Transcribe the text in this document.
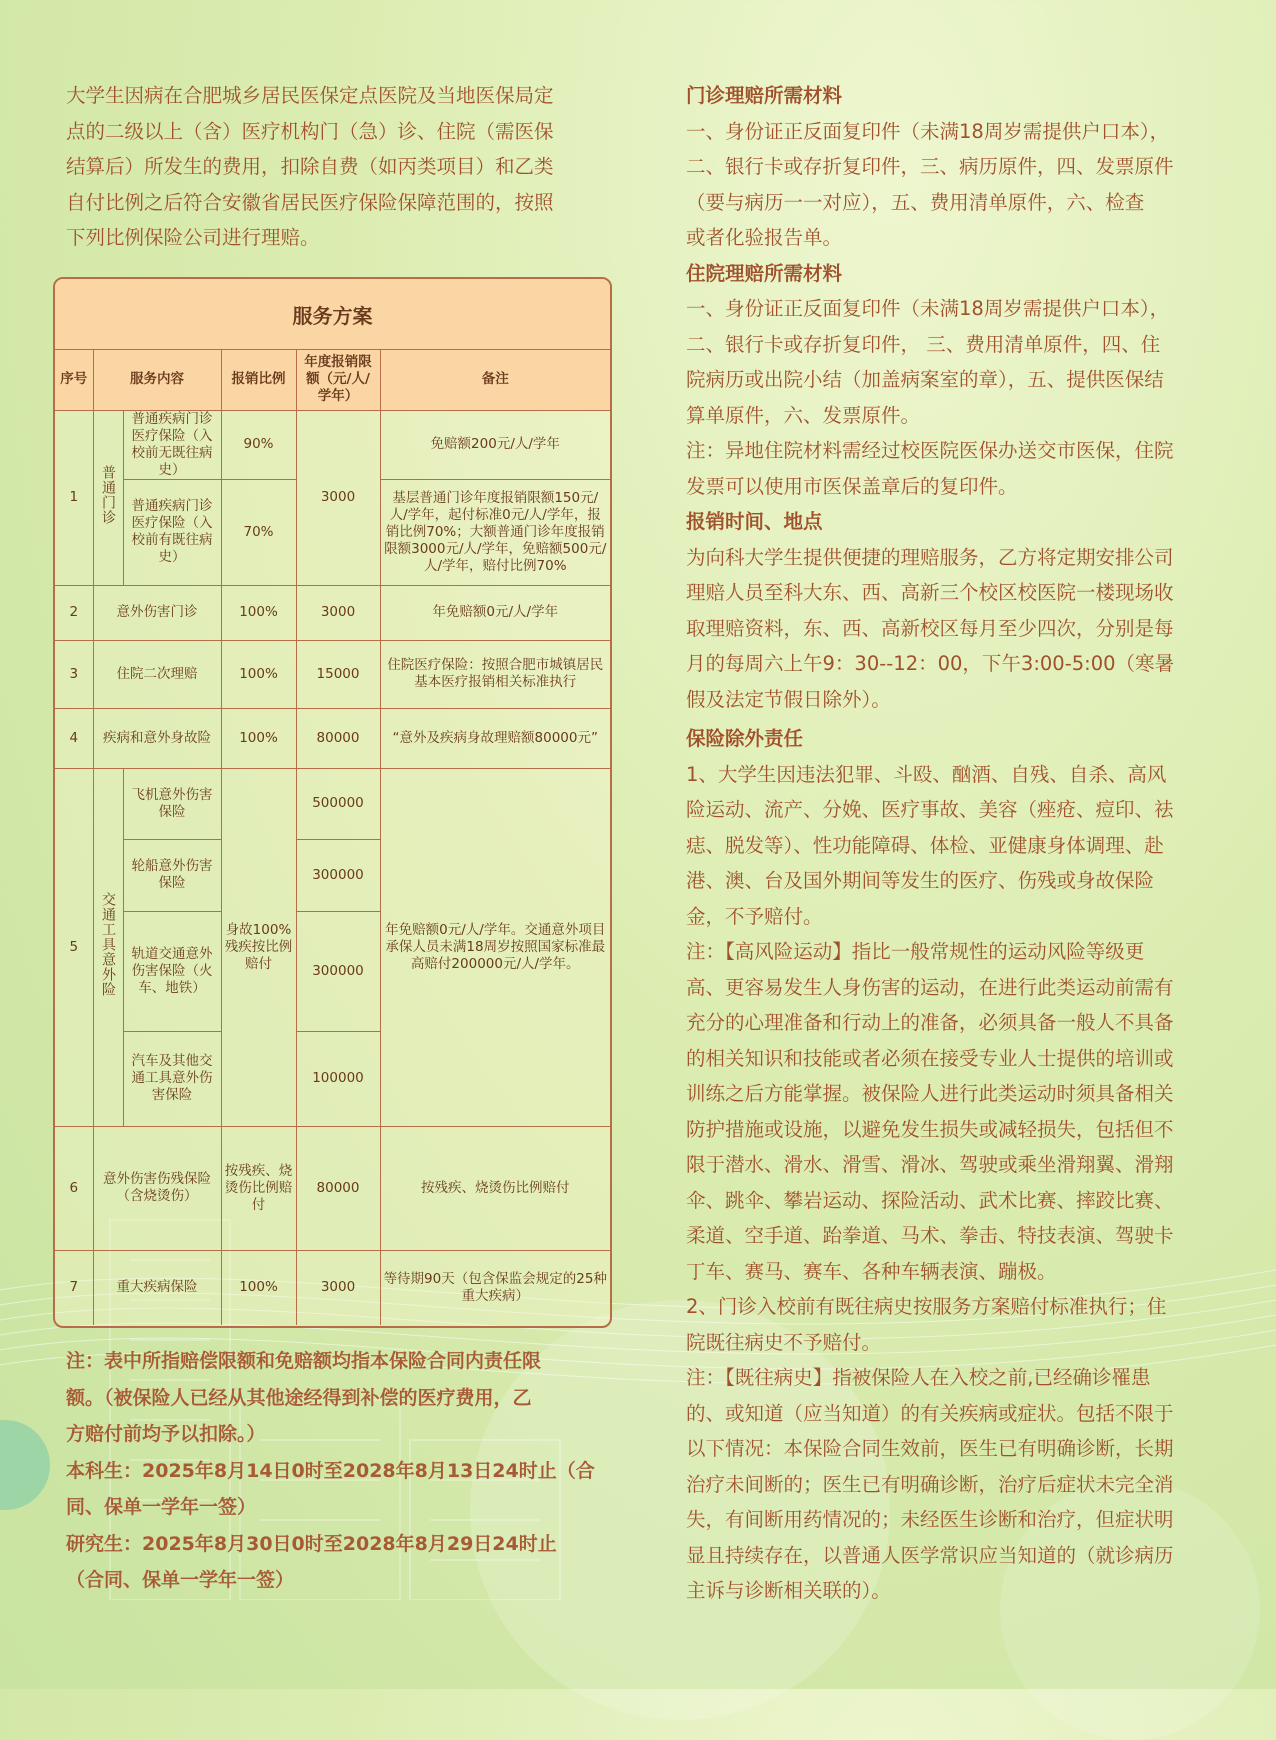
大学生因病在合肥城乡居民医保定点医院及当地医保局定

点的二级以上（含）医疗机构门（急）诊、住院（需医保

结算后）所发生的费用，扣除自费（如丙类项目）和乙类

自付比例之后符合安徽省居民医疗保险保障范围的，按照

下列比例保险公司进行理赔。

服务方案
序号	服务内容		报销比例	年度报销限额（元/人/学年）	备注
1	普通门诊	普通疾病门诊医疗保险（入校前无既往病史）	90%	3000	免赔额200元/人/学年
		普通疾病门诊医疗保险（入校前有既往病史）	70%		基层普通门诊年度报销限额150元/人/学年，起付标准0元/人/学年，报销比例70%；大额普通门诊年度报销限额3000元/人/学年，免赔额500元/人/学年，赔付比例70%
2	意外伤害门诊		100%	3000	年免赔额0元/人/学年
3	住院二次理赔		100%	15000	住院医疗保险：按照合肥市城镇居民基本医疗报销相关标准执行
4	疾病和意外身故险		100%	80000	“意外及疾病身故理赔额80000元”
5	交通工具意外险	飞机意外伤害保险	身故100%残疾按比例赔付	500000	年免赔额0元/人/学年。交通意外项目承保人员未满18周岁按照国家标准最高赔付200000元/人/学年。
		轮船意外伤害保险		300000	
		轨道交通意外伤害保险（火车、地铁）		300000	
		汽车及其他交通工具意外伤害保险		100000	
6	意外伤害伤残保险（含烧烫伤）		按残疾、烧烫伤比例赔付	80000	按残疾、烧烫伤比例赔付
7	重大疾病保险		100%	3000	等待期90天（包含保监会规定的25种重大疾病）

注：表中所指赔偿限额和免赔额均指本保险合同内责任限

额。（被保险人已经从其他途经得到补偿的医疗费用，乙

方赔付前均予以扣除。）

本科生：2025年8月14日0时至2028年8月13日24时止（合

同、保单一学年一签）

研究生：2025年8月30日0时至2028年8月29日24时止

（合同、保单一学年一签）

门诊理赔所需材料

一、身份证正反面复印件（未满18周岁需提供户口本），

二、银行卡或存折复印件，三、病历原件，四、发票原件

（要与病历一一对应），五、费用清单原件，六、检查

或者化验报告单。

住院理赔所需材料

一、身份证正反面复印件（未满18周岁需提供户口本），

二、银行卡或存折复印件， 三、费用清单原件，四、住

院病历或出院小结（加盖病案室的章），五、提供医保结

算单原件，六、发票原件。

注：异地住院材料需经过校医院医保办送交市医保，住院

发票可以使用市医保盖章后的复印件。

报销时间、地点

为向科大学生提供便捷的理赔服务，乙方将定期安排公司

理赔人员至科大东、西、高新三个校区校医院一楼现场收

取理赔资料，东、西、高新校区每月至少四次，分别是每

月的每周六上午9：30--12：00，下午3:00-5:00（寒暑

假及法定节假日除外）。

保险除外责任

1、大学生因违法犯罪、斗殴、酗酒、自残、自杀、高风

险运动、流产、分娩、医疗事故、美容（痤疮、痘印、祛

痣、脱发等）、性功能障碍、体检、亚健康身体调理、赴

港、澳、台及国外期间等发生的医疗、伤残或身故保险

金，不予赔付。

注：【高风险运动】指比一般常规性的运动风险等级更

高、更容易发生人身伤害的运动，在进行此类运动前需有

充分的心理准备和行动上的准备，必须具备一般人不具备

的相关知识和技能或者必须在接受专业人士提供的培训或

训练之后方能掌握。被保险人进行此类运动时须具备相关

防护措施或设施，以避免发生损失或减轻损失，包括但不

限于潜水、滑水、滑雪、滑冰、驾驶或乘坐滑翔翼、滑翔

伞、跳伞、攀岩运动、探险活动、武术比赛、摔跤比赛、

柔道、空手道、跆拳道、马术、拳击、特技表演、驾驶卡

丁车、赛马、赛车、各种车辆表演、蹦极。

2、门诊入校前有既往病史按服务方案赔付标准执行；住

院既往病史不予赔付。

注：【既往病史】指被保险人在入校之前,已经确诊罹患

的、或知道（应当知道）的有关疾病或症状。包括不限于

以下情况：本保险合同生效前，医生已有明确诊断，长期

治疗未间断的；医生已有明确诊断，治疗后症状未完全消

失，有间断用药情况的；未经医生诊断和治疗，但症状明

显且持续存在，以普通人医学常识应当知道的（就诊病历

主诉与诊断相关联的）。
